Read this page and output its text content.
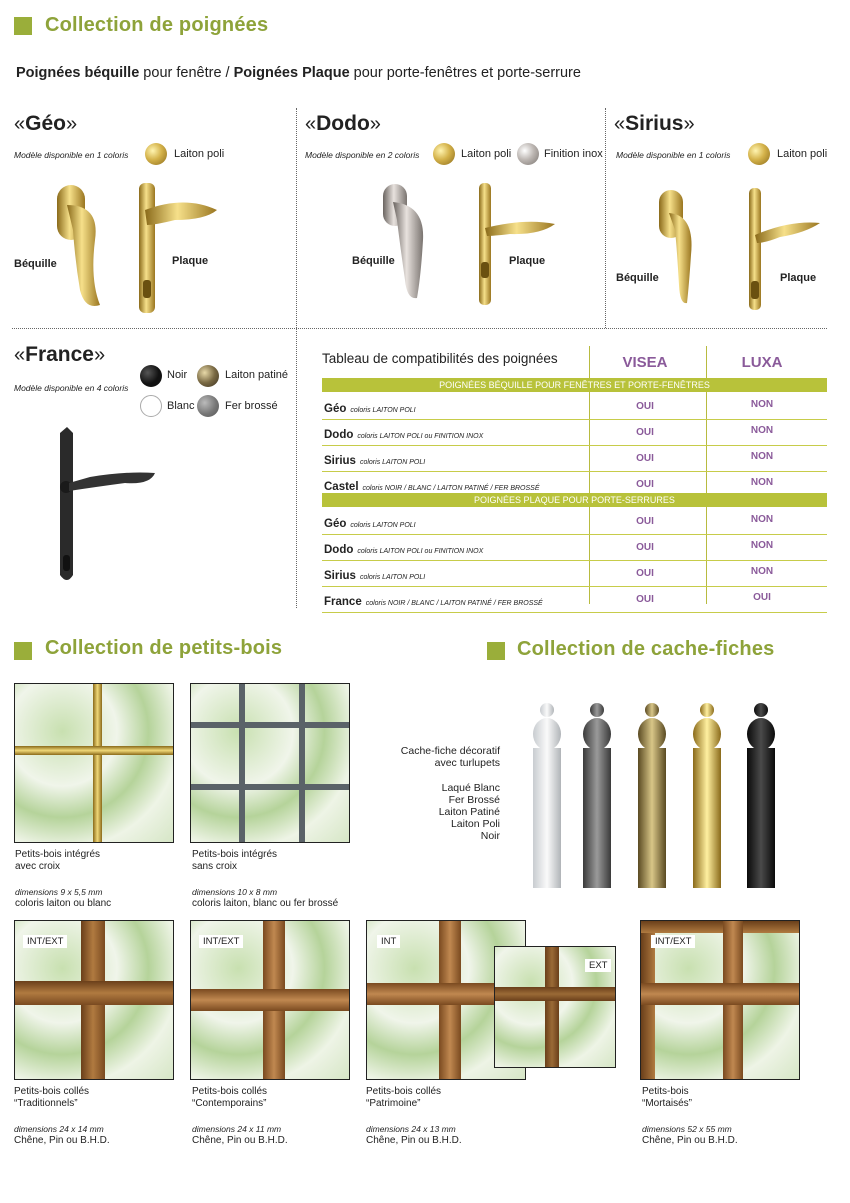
Collection de poignées
Poignées béquille pour fenêtre / Poignées Plaque pour porte-fenêtres et porte-serrure
«Géo»
Modèle disponible en 1 coloris	Laiton poli
Béquille	Plaque
«Dodo»
Modèle disponible en 2 coloris	Laiton poli	Finition inox
Béquille	Plaque
«Sirius»
Modèle disponible en 1 coloris	Laiton poli
Béquille	Plaque
«France»
Modèle disponible en 4 coloris
Noir	Laiton patiné
Blanc	Fer brossé
Tableau de compatibilités des poignées	VISEA	LUXA
POIGNÉES BÉQUILLE POUR FENÊTRES ET PORTE-FENÊTRES
Géo coloris LAITON POLI	OUI	NON
Dodo coloris LAITON POLI ou FINITION INOX	OUI	NON
Sirius coloris LAITON POLI	OUI	NON
Castel coloris NOIR / BLANC / LAITON PATINÉ / FER BROSSÉ	OUI	NON
POIGNÉES PLAQUE POUR PORTE-SERRURES
Géo coloris LAITON POLI	OUI	NON
Dodo coloris LAITON POLI ou FINITION INOX	OUI	NON
Sirius coloris LAITON POLI	OUI	NON
France coloris NOIR / BLANC / LAITON PATINÉ / FER BROSSÉ	OUI	OUI
Collection de petits-bois
Petits-bois intégrés
avec croix
dimensions 9 x 5,5 mm
coloris laiton ou blanc
Petits-bois intégrés
sans croix
dimensions 10 x 8 mm
coloris laiton, blanc ou fer brossé
INT/EXT
Petits-bois collés
“Traditionnels”
dimensions 24 x 14 mm
Chêne, Pin ou B.H.D.
INT/EXT
Petits-bois collés
“Contemporains”
dimensions 24 x 11 mm
Chêne, Pin ou B.H.D.
INT
EXT
Petits-bois collés
“Patrimoine”
dimensions 24 x 13 mm
Chêne, Pin ou B.H.D.
INT/EXT
Petits-bois
“Mortaisés”
dimensions 52 x 55 mm
Chêne, Pin ou B.H.D.
Collection de cache-fiches
Cache-fiche décoratif
avec turlupets
Laqué Blanc
Fer Brossé
Laiton Patiné
Laiton Poli
Noir
